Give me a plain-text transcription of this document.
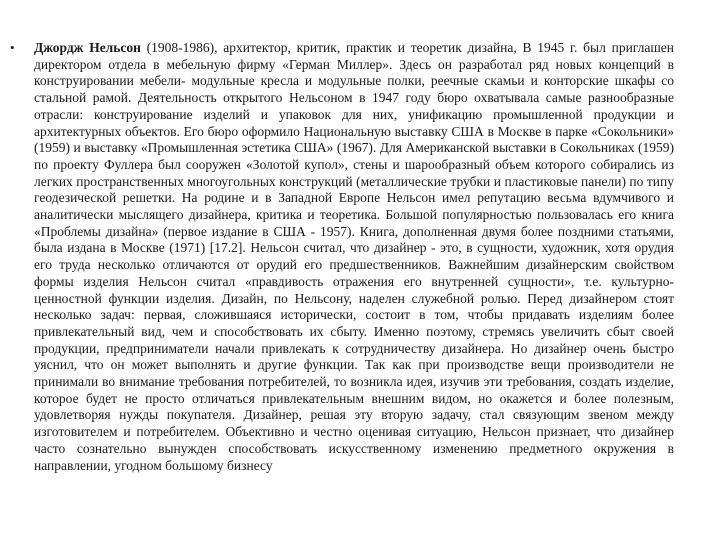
• Джордж Нельсон (1908-1986), архитектор, критик, практик и теоретик дизайна, В 1945 г. был приглашен директором отдела в мебельную фирму «Герман Миллер». Здесь он разработал ряд новых концепций в конструировании мебели- модульные кресла и модульные полки, реечные скамьи и конторские шкафы со стальной рамой. Деятельность открытого Нельсоном в 1947 году бюро охватывала самые разнообразные отрасли: конструирование изделий и упаковок для них, унификацию промышленной продукции и архитектурных объектов. Его бюро оформило Национальную выставку США в Москве в парке «Сокольники» (1959) и выставку «Промышленная эстетика США» (1967). Для Американской выставки в Сокольниках (1959) по проекту Фуллера был сооружен «Золотой купол», стены и шарообразный объем которого собирались из легких пространственных многоугольных конструкций (металлические трубки и пластиковые панели) по типу геодезической решетки. На родине и в Западной Европе Нельсон имел репутацию весьма вдумчивого и аналитически мыслящего дизайнера, критика и теоретика. Большой популярностью пользовалась его книга «Проблемы дизайна» (первое издание в США - 1957). Книга, дополненная двумя более поздними статьями, была издана в Москве (1971) [17.2]. Нельсон считал, что дизайнер - это, в сущности, художник, хотя орудия его труда несколько отличаются от орудий его предшественников. Важнейшим дизайнерским свойством формы изделия Нельсон считал «правдивость отражения его внутренней сущности», т.е. культурно-ценностной функции изделия. Дизайн, по Нельсону, наделен служебной ролью. Перед дизайнером стоят несколько задач: первая, сложившаяся исторически, состоит в том, чтобы придавать изделиям более привлекательный вид, чем и способствовать их сбыту. Именно поэтому, стремясь увеличить сбыт своей продукции, предприниматели начали привлекать к сотрудничеству дизайнера. Но дизайнер очень быстро уяснил, что он может выполнять и другие функции. Так как при производстве вещи производители не принимали во внимание требования потребителей, то возникла идея, изучив эти требования, создать изделие, которое будет не просто отличаться привлекательным внешним видом, но окажется и более полезным, удовлетворяя нужды покупателя. Дизайнер, решая эту вторую задачу, стал связующим звеном между изготовителем и потребителем. Объективно и честно оценивая ситуацию, Нельсон признает, что дизайнер часто сознательно вынужден способствовать искусственному изменению предметного окружения в направлении, угодном большому бизнесу
